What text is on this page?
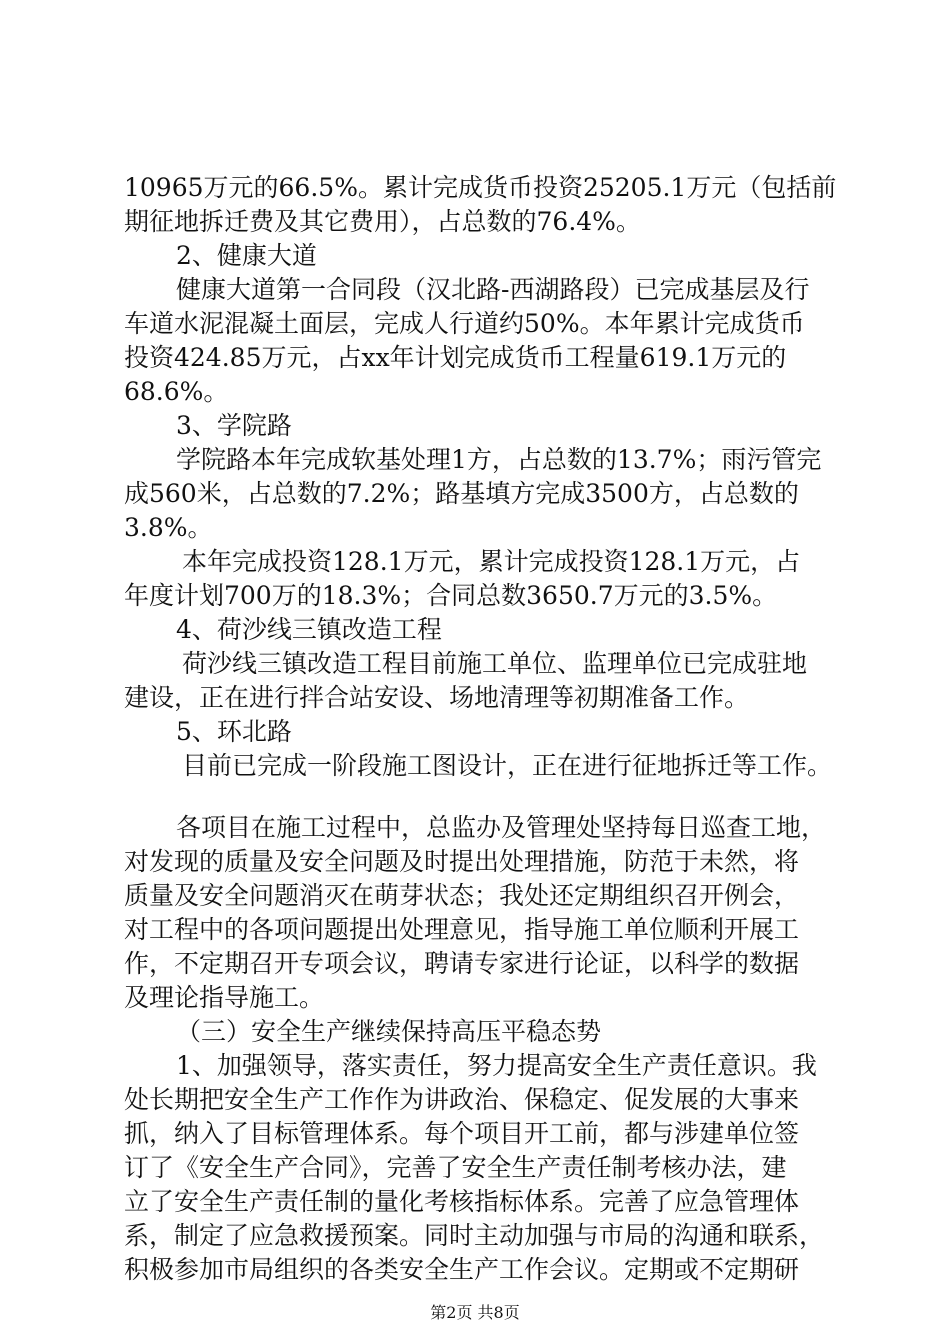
10965万元的66.5%。累计完成货币投资25205.1万元（包括前
期征地拆迁费及其它费用），占总数的76.4%。
2、健康大道
健康大道第一合同段（汉北路-西湖路段）已完成基层及行
车道水泥混凝土面层，完成人行道约50%。本年累计完成货币
投资424.85万元，占xx年计划完成货币工程量619.1万元的
68.6%。
3、学院路
学院路本年完成软基处理1方，占总数的13.7%；雨污管完
成560米，占总数的7.2%；路基填方完成3500方，占总数的
3.8%。
本年完成投资128.1万元，累计完成投资128.1万元，占
年度计划700万的18.3%；合同总数3650.7万元的3.5%。
4、荷沙线三镇改造工程
荷沙线三镇改造工程目前施工单位、监理单位已完成驻地
建设，正在进行拌合站安设、场地清理等初期准备工作。
5、环北路
目前已完成一阶段施工图设计，正在进行征地拆迁等工作。
各项目在施工过程中，总监办及管理处坚持每日巡查工地，
对发现的质量及安全问题及时提出处理措施，防范于未然，将
质量及安全问题消灭在萌芽状态；我处还定期组织召开例会，
对工程中的各项问题提出处理意见，指导施工单位顺利开展工
作，不定期召开专项会议，聘请专家进行论证，以科学的数据
及理论指导施工。
（三）安全生产继续保持高压平稳态势
1、加强领导，落实责任，努力提高安全生产责任意识。我
处长期把安全生产工作作为讲政治、保稳定、促发展的大事来
抓，纳入了目标管理体系。每个项目开工前，都与涉建单位签
订了《安全生产合同》，完善了安全生产责任制考核办法，建
立了安全生产责任制的量化考核指标体系。完善了应急管理体
系，制定了应急救援预案。同时主动加强与市局的沟通和联系，
积极参加市局组织的各类安全生产工作会议。定期或不定期研
第2页 共8页
